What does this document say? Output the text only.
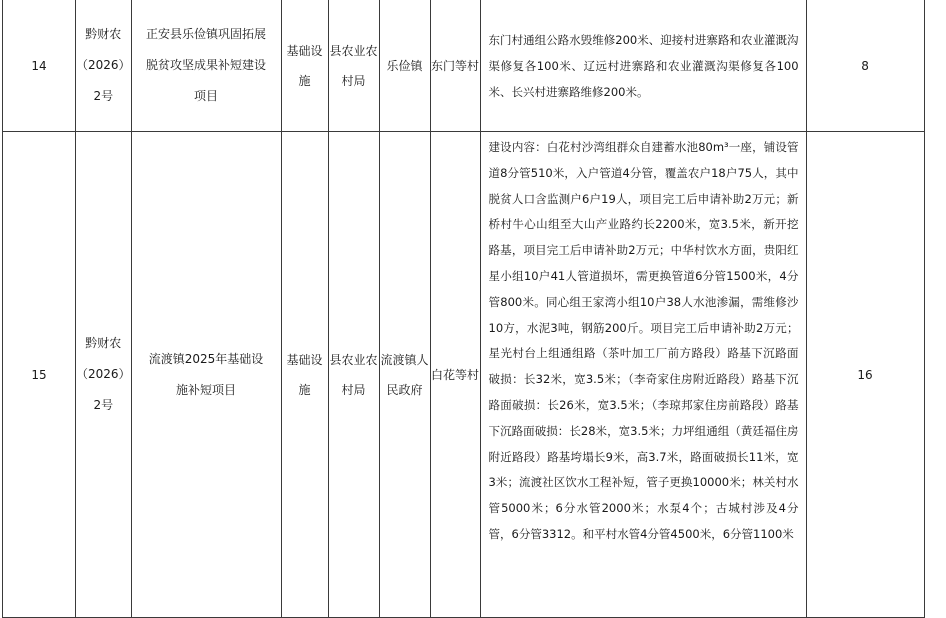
14	黔财农（2026）2号	正安县乐俭镇巩固拓展脱贫攻坚成果补短建设项目	基础设施	县农业农村局	乐俭镇	东门等村	东门村通组公路水毁维修200米、迎接村进寨路和农业灌溉沟渠修复各100米、辽远村进寨路和农业灌溉沟渠修复各100米、长兴村进寨路维修200米。	8
15	黔财农（2026）2号	流渡镇2025年基础设施补短项目	基础设施	县农业农村局	流渡镇人民政府	白花等村	建设内容：白花村沙湾组群众自建蓄水池80m³一座，铺设管道8分管510米，入户管道4分管，覆盖农户18户75人，其中脱贫人口含监测户6户19人，项目完工后申请补助2万元；新桥村牛心山组至大山产业路约长2200米，宽3.5米，新开挖路基，项目完工后申请补助2万元；中华村饮水方面，贵阳红星小组10户41人管道损坏，需更换管道6分管1500米，4分管800米。同心组王家湾小组10户38人水池渗漏，需维修沙10方，水泥3吨，钢筋200斤。项目完工后申请补助2万元；星光村台上组通组路（茶叶加工厂前方路段）路基下沉路面破损：长32米，宽3.5米；（李奇家住房附近路段）路基下沉路面破损：长26米，宽3.5米；（李琼邦家住房前路段）路基下沉路面破损：长28米，宽3.5米；力坪组通组（黄廷福住房附近路段）路基垮塌长9米，高3.7米，路面破损长11米，宽3米；流渡社区饮水工程补短，管子更换10000米；林关村水管5000米；6分水管2000米；水泵4个；古城村涉及4分管，6分管3312。和平村水管4分管4500米，6分管1100米	16
